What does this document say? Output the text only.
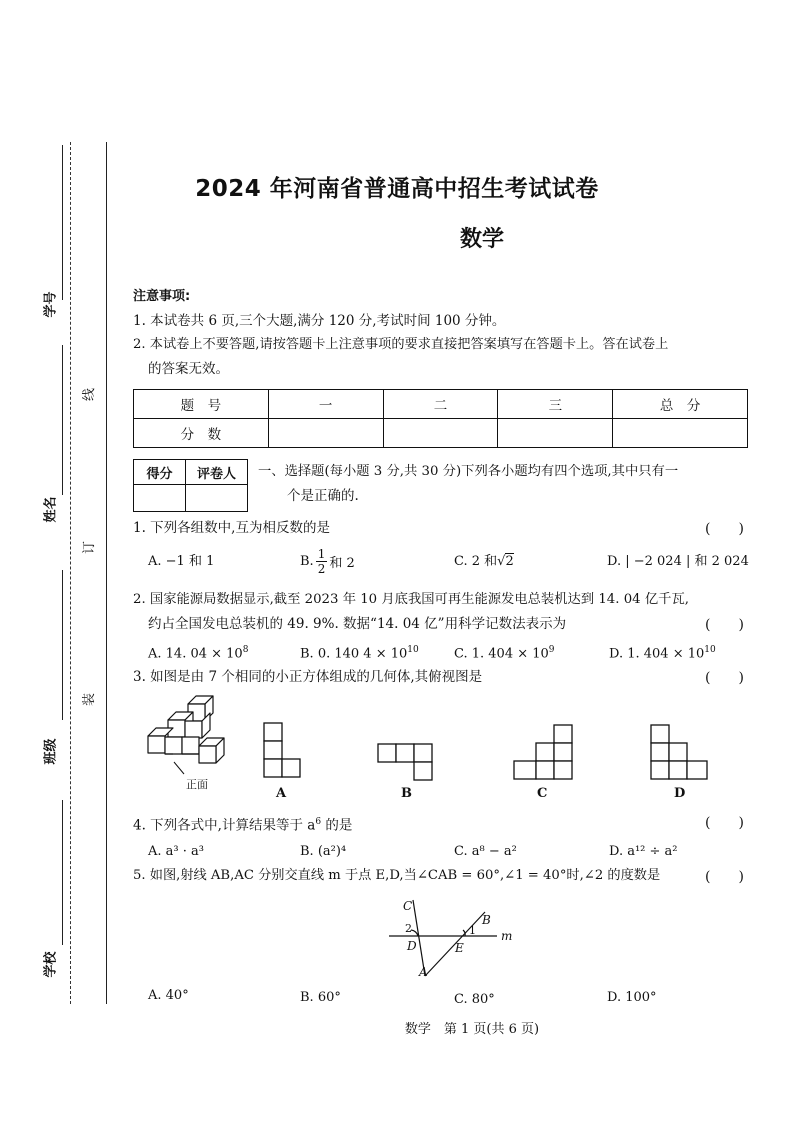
学号
姓名
班级
学校
线
订
装
2024 年河南省普通高中招生考试试卷
数学
注意事项:
1. 本试卷共 6 页,三个大题,满分 120 分,考试时间 100 分钟。
2. 本试卷上不要答题,请按答题卡上注意事项的要求直接把答案填写在答题卡上。答在试卷上
的答案无效。
题　号	一	二	三	总　分
分　数				
得分	评卷人
	一、选择题(每小题 3 分,共 30 分)下列各小题均有四个选项,其中只有一
个是正确的.
1. 下列各组数中,互为相反数的是	(　　)
A. −1 和 1	B. $\frac{1}{2}$ 和 2	C. 2 和√2	D. | −2 024 | 和 2 024
2. 国家能源局数据显示,截至 2023 年 10 月底我国可再生能源发电总装机达到 14. 04 亿千瓦,
约占全国发电总装机的 49. 9%. 数据“14. 04 亿”用科学记数法表示为	(　　)
A. 14. $04 \times 10^8$	B. 0. 140 $4 \times 10^{10}$	C. 1. $404 \times 10^9$	D. 1. $404 \times 10^{10}$
3. 如图是由 7 个相同的小正方体组成的几何体,其俯视图是	(　　)
正面
A	B	C	D
4. 下列各式中,计算结果等于 $a^6$ 的是	(　　)
A. a³ · a³	B. (a²)⁴	C. a⁸ − a²	D. a¹² ÷ a²
5. 如图,射线 AB,AC 分别交直线 m 于点 E,D,当∠CAB = 60°,∠1 = 40°时,∠2 的度数是	(　　)
C
B
D	E
A
m
1
2
A. 40°	B. 60°	C. 80°	D. 100°
数学　第 1 页(共 6 页)
